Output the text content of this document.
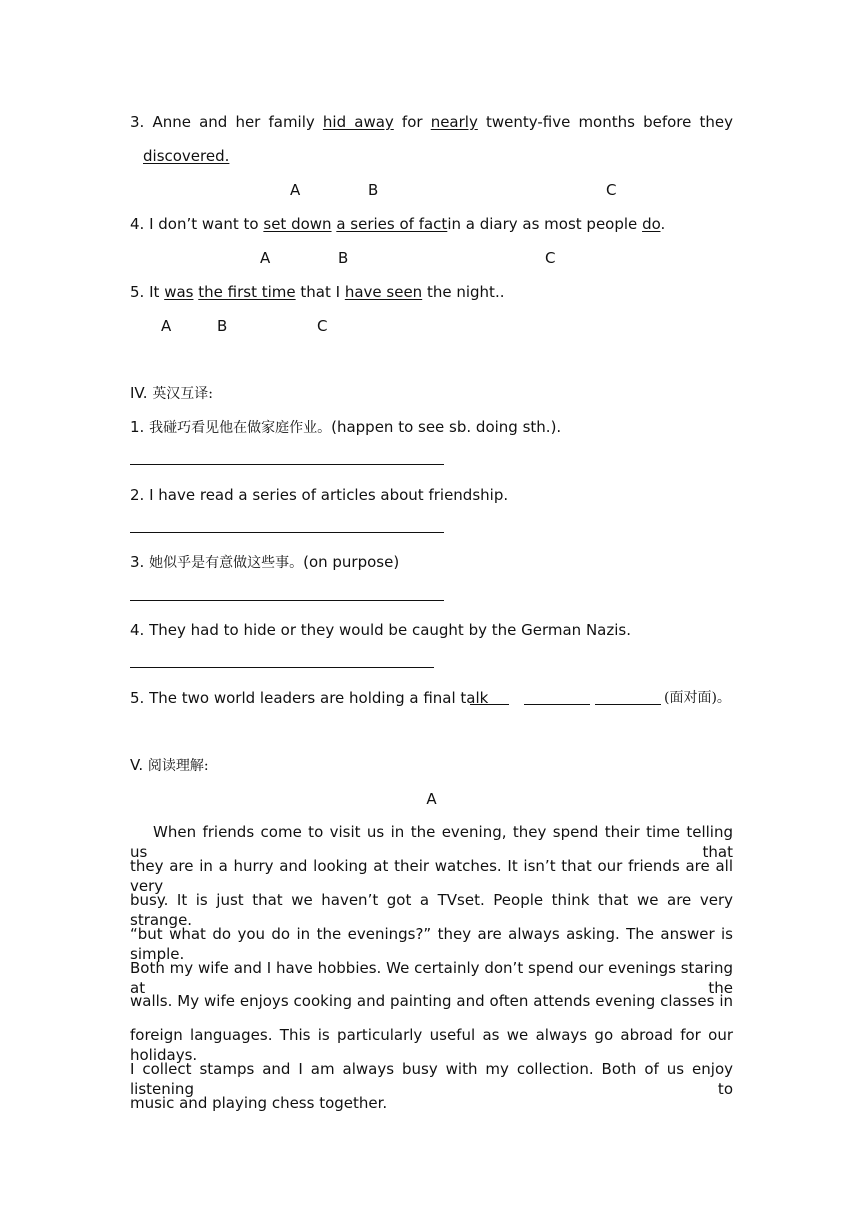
3. Anne and her family hid away for nearly twenty-five months before they
discovered.
A	B	C
4. I don’t want to set down a series of factin a diary as most people do.
A	B	C
5. It was the first time that I have seen the night..
A	B	C
IV. 英汉互译:
1. 我碰巧看见他在做家庭作业。(happen to see sb. doing sth.).
2. I have read a series of articles about friendship.
3. 她似乎是有意做这些事。(on purpose)
4. They had to hide or they would be caught by the German Nazis.
5. The two world leaders are holding a final talk	(面对面)。
V. 阅读理解:
A
When friends come to visit us in the evening, they spend their time telling us that
they are in a hurry and looking at their watches. It isn’t that our friends are all very
busy. It is just that we haven’t got a TVset. People think that we are very strange.
“but what do you do in the evenings?” they are always asking. The answer is simple.
Both my wife and I have hobbies. We certainly don’t spend our evenings staring at the
walls. My wife enjoys cooking and painting and often attends evening classes in
foreign languages. This is particularly useful as we always go abroad for our holidays.
I collect stamps and I am always busy with my collection. Both of us enjoy listening to
music and playing chess together.
